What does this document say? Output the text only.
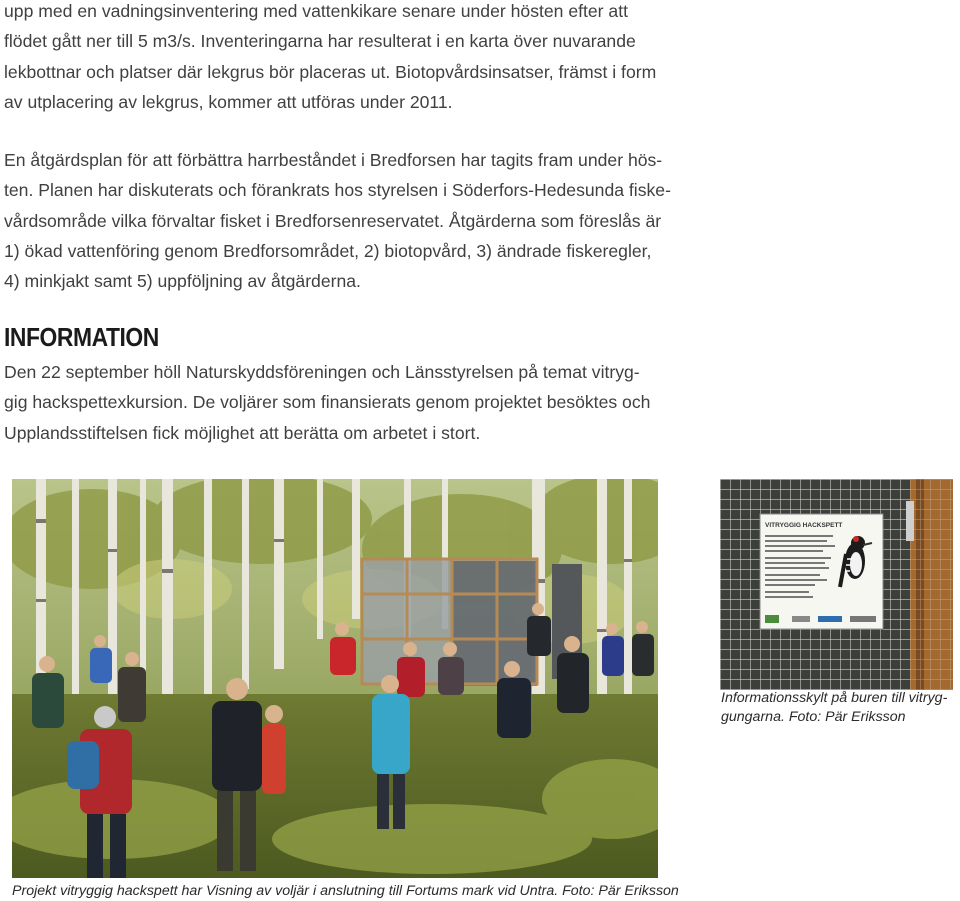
upp med en vadningsinventering med vattenkikare senare under hösten efter att
flödet gått ner till 5 m3/s. Inventeringarna har resulterat i en karta över nuvarande
lekbottnar och platser där lekgrus bör placeras ut. Biotopvårdsinsatser, främst i form
av utplacering av lekgrus, kommer att utföras under 2011.

En åtgärdsplan för att förbättra harrbeståndet i Bredforsen har tagits fram under hös-
ten. Planen har diskuterats och förankrats hos styrelsen i Söderfors-Hedesunda fiske-
vårdsområde vilka förvaltar fisket i Bredforsenreservatet. Åtgärderna som föreslås är
1) ökad vattenföring genom Bredforsområdet, 2) biotopvård, 3) ändrade fiskeregler,
4) minkjakt samt 5) uppföljning av åtgärderna.

INFORMATION

Den 22 september höll Naturskyddsföreningen och Länsstyrelsen på temat vitryg-
gig hackspettexkursion. De voljärer som finansierats genom projektet besöktes och
Upplandsstiftelsen fick möjlighet att berätta om arbetet i stort.

VITRYGGIG HACKSPETT

Projekt vitryggig hackspett har Visning av voljär i anslutning till Fortums mark vid Untra. Foto: Pär Eriksson

Informationsskylt på buren till vitryg-
gungarna. Foto: Pär Eriksson
